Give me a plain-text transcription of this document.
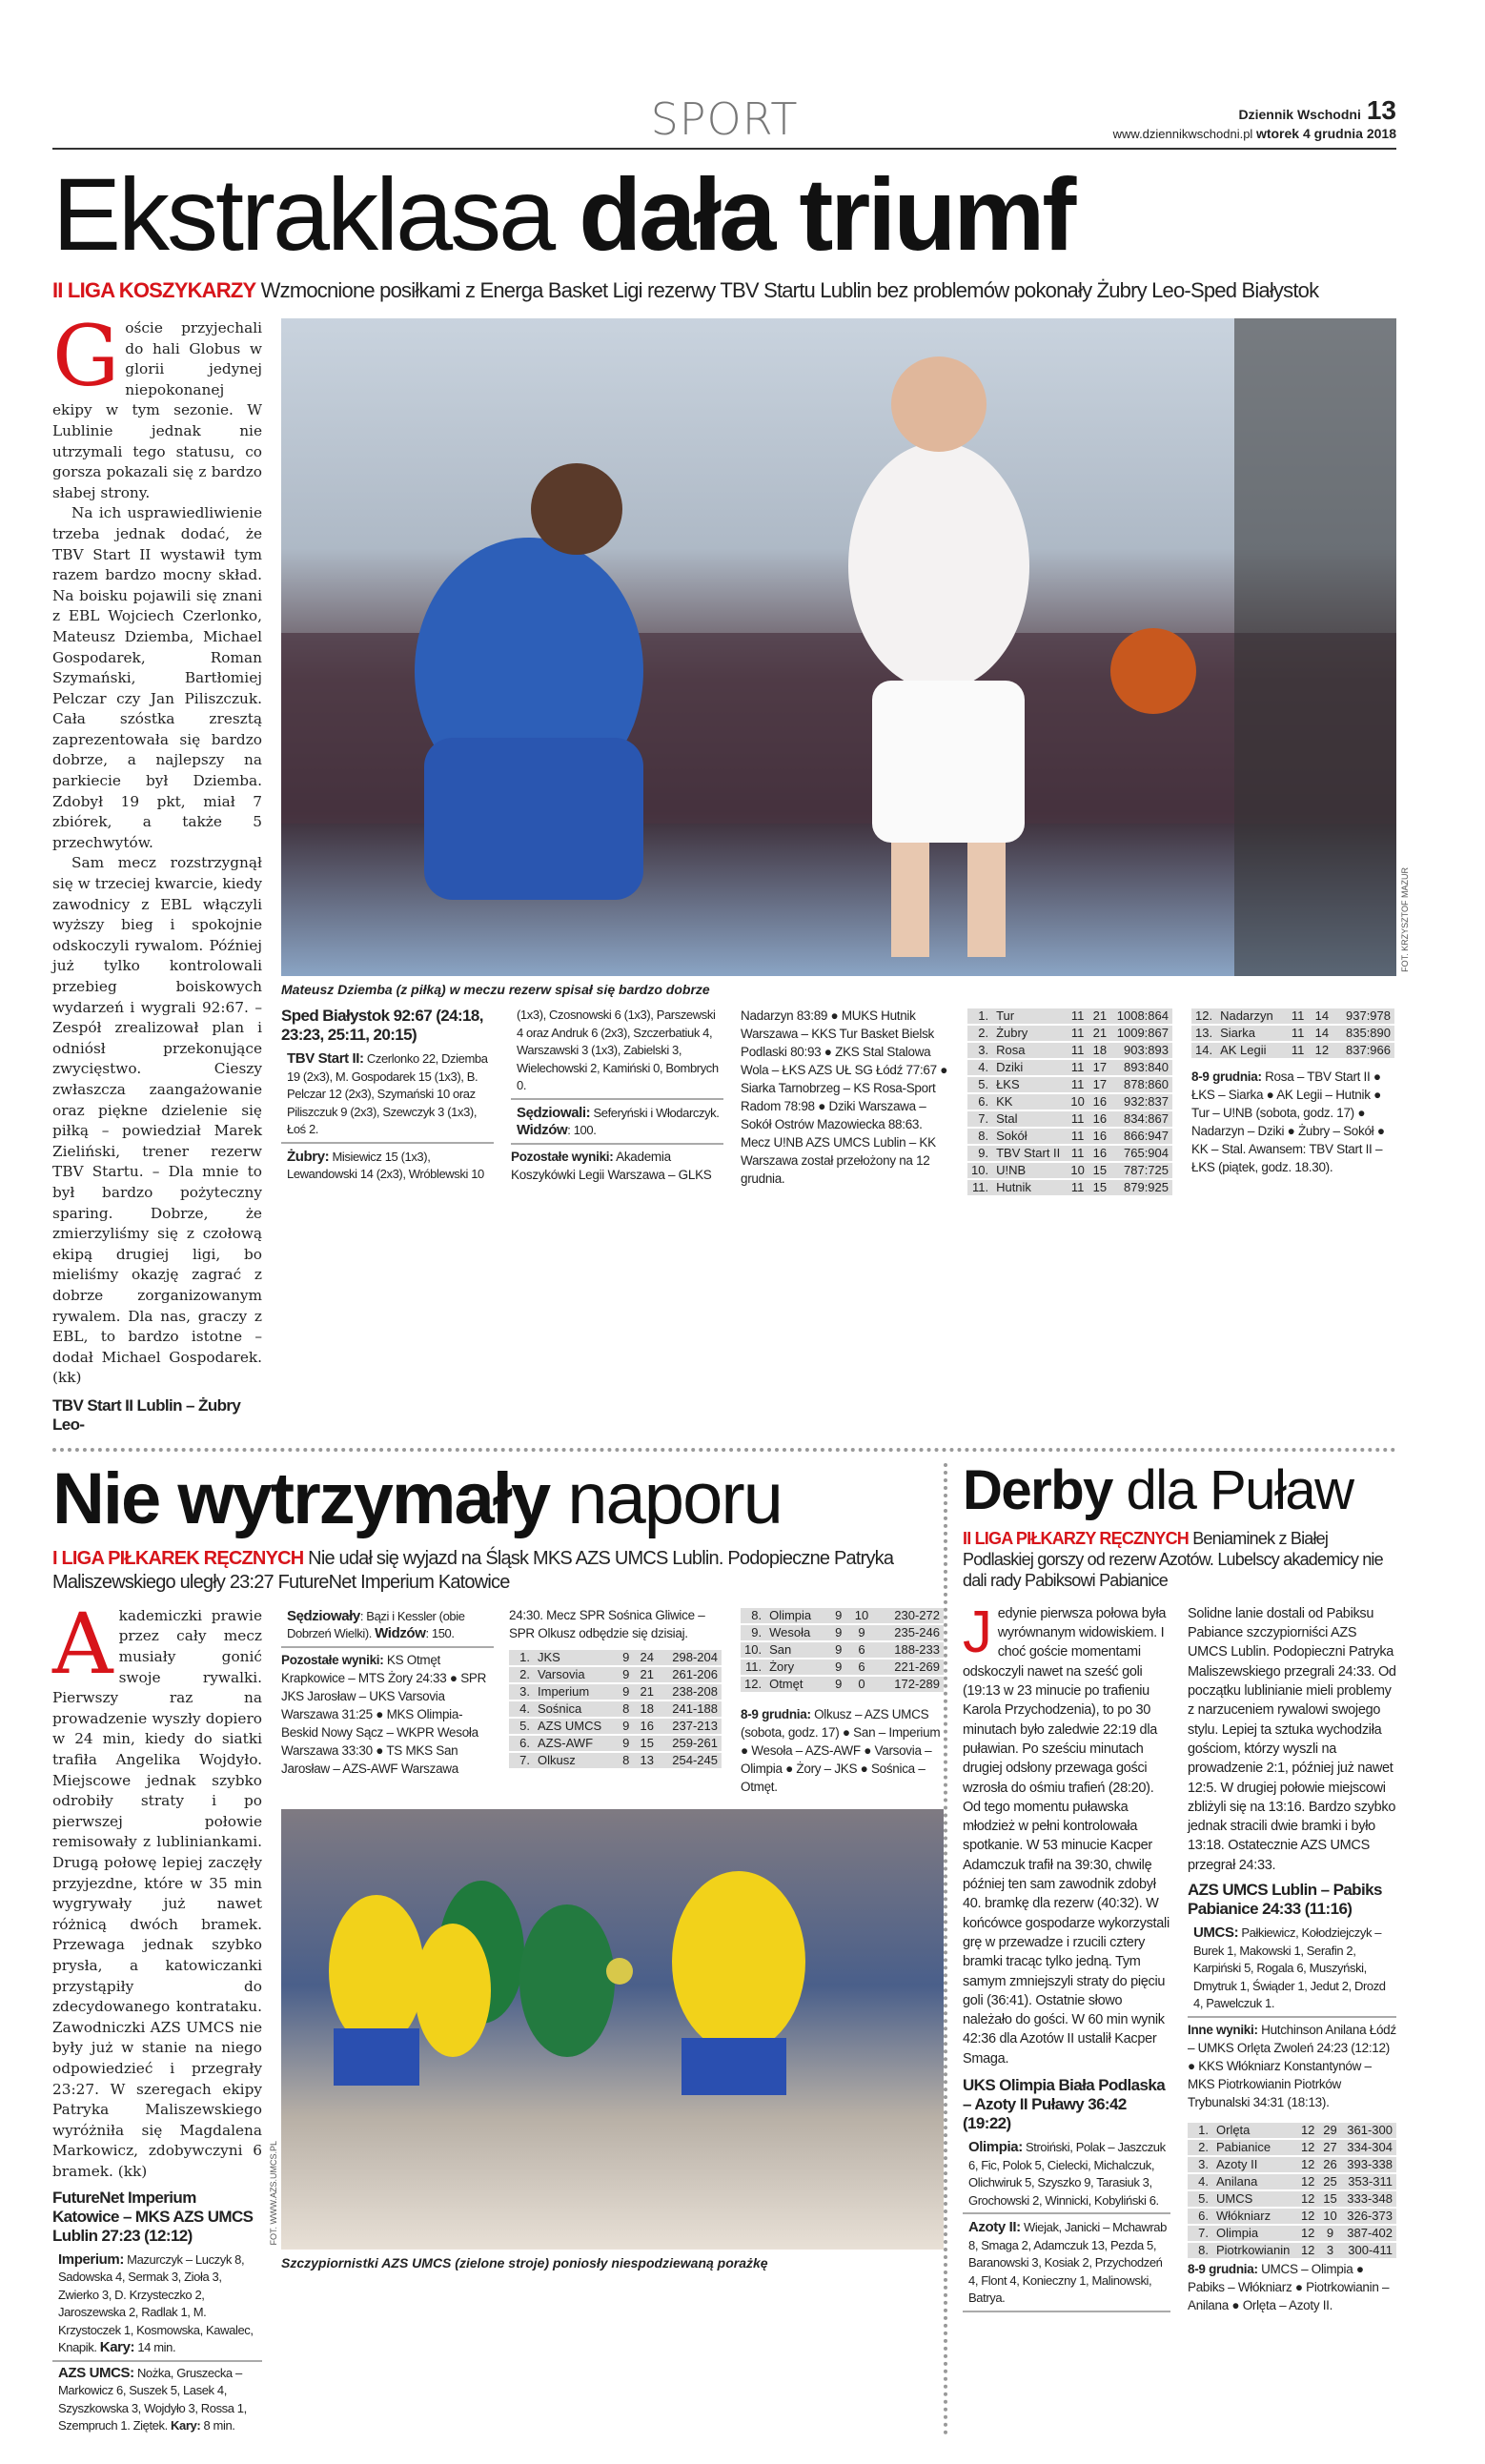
SPORT	Dziennik Wschodni 13
www.dziennikwschodni.pl wtorek 4 grudnia 2018
Ekstraklasa dała triumf
II LIGA KOSZYKARZY Wzmocnione posiłkami z Energa Basket Ligi rezerwy TBV Startu Lublin bez problemów pokonały Żubry Leo-Sped Białystok

Goście przyjechali do hali Globus w glorii jedynej niepokonanej ekipy w tym sezonie. W Lublinie jednak nie utrzymali tego statusu, co gorsza pokazali się z bardzo słabej strony.

Na ich usprawiedliwienie trzeba jednak dodać, że TBV Start II wystawił tym razem bardzo mocny skład. Na boisku pojawili się znani z EBL Wojciech Czerlonko, Mateusz Dziemba, Michael Gospodarek, Roman Szymański, Bartłomiej Pelczar czy Jan Piliszczuk. Cała szóstka zresztą zaprezentowała się bardzo dobrze, a najlepszy na parkiecie był Dziemba. Zdobył 19 pkt, miał 7 zbiórek, a także 5 przechwytów.

Sam mecz rozstrzygnął się w trzeciej kwarcie, kiedy zawodnicy z EBL włączyli wyższy bieg i spokojnie odskoczyli rywalom. Później już tylko kontrolowali przebieg boiskowych wydarzeń i wygrali 92:67. – Zespół zrealizował plan i odniósł przekonujące zwycięstwo. Cieszy zwłaszcza zaangażowanie oraz piękne dzielenie się piłką – powiedział Marek Zieliński, trener rezerw TBV Startu. – Dla mnie to był bardzo pożyteczny sparing. Dobrze, że zmierzyliśmy się z czołową ekipą drugiej ligi, bo mieliśmy okazję zagrać z dobrze zorganizowanym rywalem. Dla nas, graczy z EBL, to bardzo istotne – dodał Michael Gospodarek. (kk)

TBV Start II Lublin – Żubry Leo-
FOT. KRZYSZTOF MAZUR
Mateusz Dziemba (z piłką) w meczu rezerw spisał się bardzo dobrze
Sped Białystok 92:67 (24:18, 23:23, 25:11, 20:15)
TBV Start II: Czerlonko 22, Dziemba 19 (2x3), M. Gospodarek 15 (1x3), B. Pelczar 12 (2x3), Szymański 10 oraz Piliszczuk 9 (2x3), Szewczyk 3 (1x3), Łoś 2.
Żubry: Misiewicz 15 (1x3), Lewandowski 14 (2x3), Wróblewski 10 (1x3), Czosnowski 6 (1x3), Parszewski 4 oraz Andruk 6 (2x3), Szczerbatiuk 4, Warszawski 3 (1x3), Zabielski 3, Wielechowski 2, Kamiński 0, Bombrych 0.
Sędziowali: Seferyński i Włodarczyk. Widzów: 100.
Pozostałe wyniki: Akademia Koszykówki Legii Warszawa – GLKS Nadarzyn 83:89 ● MUKS Hutnik Warszawa – KKS Tur Basket Bielsk Podlaski 80:93 ● ZKS Stal Stalowa Wola – ŁKS AZS UŁ SG Łódź 77:67 ● Siarka Tarnobrzeg – KS Rosa-Sport Radom 78:98 ● Dziki Warszawa – Sokół Ostrów Mazowiecka 88:63. Mecz U!NB AZS UMCS Lublin – KK Warszawa został przełożony na 12 grudnia.
1.	Tur	11	21	1008:864
2.	Żubry	11	21	1009:867
3.	Rosa	11	18	903:893
4.	Dziki	11	17	893:840
5.	ŁKS	11	17	878:860
6.	KK	10	16	932:837
7.	Stal	11	16	834:867
8.	Sokół	11	16	866:947
9.	TBV Start II	11	16	765:904
10.	U!NB	10	15	787:725
11.	Hutnik	11	15	879:925
12.	Nadarzyn	11	14	937:978
13.	Siarka	11	14	835:890
14.	AK Legii	11	12	837:966
8-9 grudnia: Rosa – TBV Start II ● ŁKS – Siarka ● AK Legii – Hutnik ● Tur – U!NB (sobota, godz. 17) ● Nadarzyn – Dziki ● Żubry – Sokół ● KK – Stal. Awansem: TBV Start II – ŁKS (piątek, godz. 18.30).
Nie wytrzymały naporu
I LIGA PIŁKAREK RĘCZNYCH Nie udał się wyjazd na Śląsk MKS AZS UMCS Lublin. Podopieczne Patryka Maliszewskiego uległy 23:27 FutureNet Imperium Katowice

Akademiczki prawie przez cały mecz musiały gonić swoje rywalki. Pierwszy raz na prowadzenie wyszły dopiero w 24 min, kiedy do siatki trafiła Angelika Wojdyło. Miejscowe jednak szybko odrobiły straty i po pierwszej połowie remisowały z lubliniankami. Drugą połowę lepiej zaczęły przyjezdne, które w 35 min wygrywały już nawet różnicą dwóch bramek. Przewaga jednak szybko prysła, a katowiczanki przystąpiły do zdecydowanego kontrataku. Zawodniczki AZS UMCS nie były już w stanie na niego odpowiedzieć i przegrały 23:27. W szeregach ekipy Patryka Maliszewskiego wyróżniła się Magdalena Markowicz, zdobywczyni 6 bramek. (kk)

FutureNet Imperium Katowice – MKS AZS UMCS Lublin 27:23 (12:12)
Imperium: Mazurczyk – Luczyk 8, Sadowska 4, Sermak 3, Zioła 3, Zwierko 3, D. Krzysteczko 2, Jaroszewska 2, Radlak 1, M. Krzystoczek 1, Kosmowska, Kawalec, Knapik. Kary: 14 min.
AZS UMCS: Nożka, Gruszecka – Markowicz 6, Suszek 5, Lasek 4, Szyszkowska 3, Wojdyło 3, Rossa 1, Szempruch 1. Ziętek. Kary: 8 min.
Sędziowały: Bązi i Kessler (obie Dobrzeń Wielki). Widzów: 150.
Pozostałe wyniki: KS Otmęt Krapkowice – MTS Żory 24:33 ● SPR JKS Jarosław – UKS Varsovia Warszawa 31:25 ● MKS Olimpia-Beskid Nowy Sącz – WKPR Wesoła Warszawa 33:30 ● TS MKS San Jarosław – AZS-AWF Warszawa 24:30. Mecz SPR Sośnica Gliwice – SPR Olkusz odbędzie się dzisiaj.
1.	JKS	9	24	298-204
2.	Varsovia	9	21	261-206
3.	Imperium	9	21	238-208
4.	Sośnica	8	18	241-188
5.	AZS UMCS	9	16	237-213
6.	AZS-AWF	9	15	259-261
7.	Olkusz	8	13	254-245
8.	Olimpia	9	10	230-272
9.	Wesoła	9	9	235-246
10.	San	9	6	188-233
11.	Żory	9	6	221-269
12.	Otmęt	9	0	172-289
8-9 grudnia: Olkusz – AZS UMCS (sobota, godz. 17) ● San – Imperium ● Wesoła – AZS-AWF ● Varsovia – Olimpia ● Żory – JKS ● Sośnica – Otmęt.
FOT. WWW.AZS.UMCS.PL
Szczypiornistki AZS UMCS (zielone stroje) poniosły niespodziewaną porażkę
Derby dla Puław
II LIGA PIŁKARZY RĘCZNYCH Beniaminek z Białej Podlaskiej gorszy od rezerw Azotów. Lubelscy akademicy nie dali rady Pabiksowi Pabianice
Jedynie pierwsza połowa była wyrównanym widowiskiem. I choć goście momentami odskoczyli nawet na sześć goli (19:13 w 23 minucie po trafieniu Karola Przychodzenia), to po 30 minutach było zaledwie 22:19 dla puławian. Po sześciu minutach drugiej odsłony przewaga gości wzrosła do ośmiu trafień (28:20). Od tego momentu puławska młodzież w pełni kontrolowała spotkanie. W 53 minucie Kacper Adamczuk trafił na 39:30, chwilę później ten sam zawodnik zdobył 40. bramkę dla rezerw (40:32). W końcówce gospodarze wykorzystali grę w przewadze i rzucili cztery bramki tracąc tylko jedną. Tym samym zmniejszyli straty do pięciu goli (36:41). Ostatnie słowo należało do gości. W 60 min wynik 42:36 dla Azotów II ustalił Kacper Smaga.
UKS Olimpia Biała Podlaska – Azoty II Puławy 36:42 (19:22)
Olimpia: Stroiński, Polak – Jaszczuk 6, Fic, Polok 5, Cielecki, Michalczuk, Olichwiruk 5, Szyszko 9, Tarasiuk 3, Grochowski 2, Winnicki, Kobyliński 6.
Azoty II: Wiejak, Janicki – Mchawrab 8, Smaga 2, Adamczuk 13, Pezda 5, Baranowski 3, Kosiak 2, Przychodzeń 4, Flont 4, Konieczny 1, Malinowski, Batrya.
Solidne lanie dostali od Pabiksu Pabiance szczypiorniści AZS UMCS Lublin. Podopieczni Patryka Maliszewskiego przegrali 24:33. Od początku lublinianie mieli problemy z narzuceniem rywalowi swojego stylu. Lepiej ta sztuka wychodziła gościom, którzy wyszli na prowadzenie 2:1, później już nawet 12:5. W drugiej połowie miejscowi zbliżyli się na 13:16. Bardzo szybko jednak stracili dwie bramki i było 13:18. Ostatecznie AZS UMCS przegrał 24:33.
AZS UMCS Lublin – Pabiks Pabianice 24:33 (11:16)
UMCS: Pałkiewicz, Kołodziejczyk – Burek 1, Makowski 1, Serafin 2, Karpiński 5, Rogala 6, Muszyński, Dmytruk 1, Świąder 1, Jedut 2, Drozd 4, Pawelczuk 1.
Inne wyniki: Hutchinson Anilana Łódź – UMKS Orlęta Zwoleń 24:23 (12:12) ● KKS Włókniarz Konstantynów – MKS Piotrkowianin Piotrków Trybunalski 34:31 (18:13).
1.	Orlęta	12	29	361-300
2.	Pabianice	12	27	334-304
3.	Azoty II	12	26	393-338
4.	Anilana	12	25	353-311
5.	UMCS	12	15	333-348
6.	Włókniarz	12	10	326-373
7.	Olimpia	12	9	387-402
8.	Piotrkowianin	12	3	300-411
8-9 grudnia: UMCS – Olimpia ● Pabiks – Włókniarz ● Piotrkowianin – Anilana ● Orlęta – Azoty II.
